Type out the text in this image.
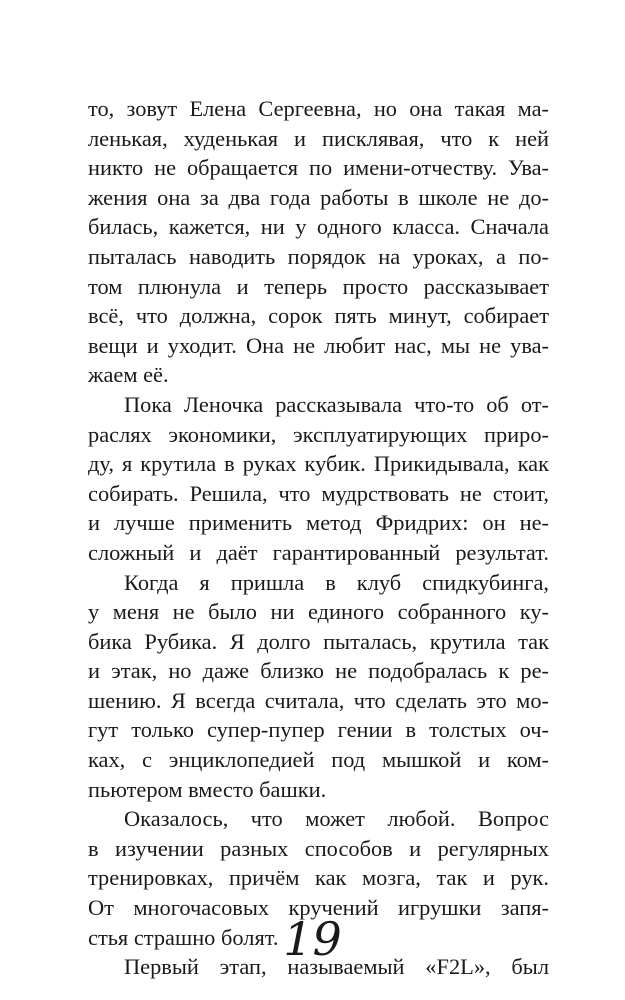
то, зовут Елена Сергеевна, но она такая ма-
ленькая, худенькая и писклявая, что к ней
никто не обращается по имени-отчеству. Ува-
жения она за два года работы в школе не до-
билась, кажется, ни у одного класса. Сначала
пыталась наводить порядок на уроках, а по-
том плюнула и теперь просто рассказывает
всё, что должна, сорок пять минут, собирает
вещи и уходит. Она не любит нас, мы не ува-
жаем её.
Пока Леночка рассказывала что-то об от-
раслях экономики, эксплуатирующих приро-
ду, я крутила в руках кубик. Прикидывала, как
собирать. Решила, что мудрствовать не стоит,
и лучше применить метод Фридрих: он не-
сложный и даёт гарантированный результат.
Когда я пришла в клуб спидкубинга,
у меня не было ни единого собранного ку-
бика Рубика. Я долго пыталась, крутила так
и этак, но даже близко не подобралась к ре-
шению. Я всегда считала, что сделать это мо-
гут только супер-пупер гении в толстых оч-
ках, с энциклопедией под мышкой и ком-
пьютером вместо башки.
Оказалось, что может любой. Вопрос
в изучении разных способов и регулярных
тренировках, причём как мозга, так и рук.
От многочасовых кручений игрушки запя-
стья страшно болят.
Первый этап, называемый «F2L», был
19
